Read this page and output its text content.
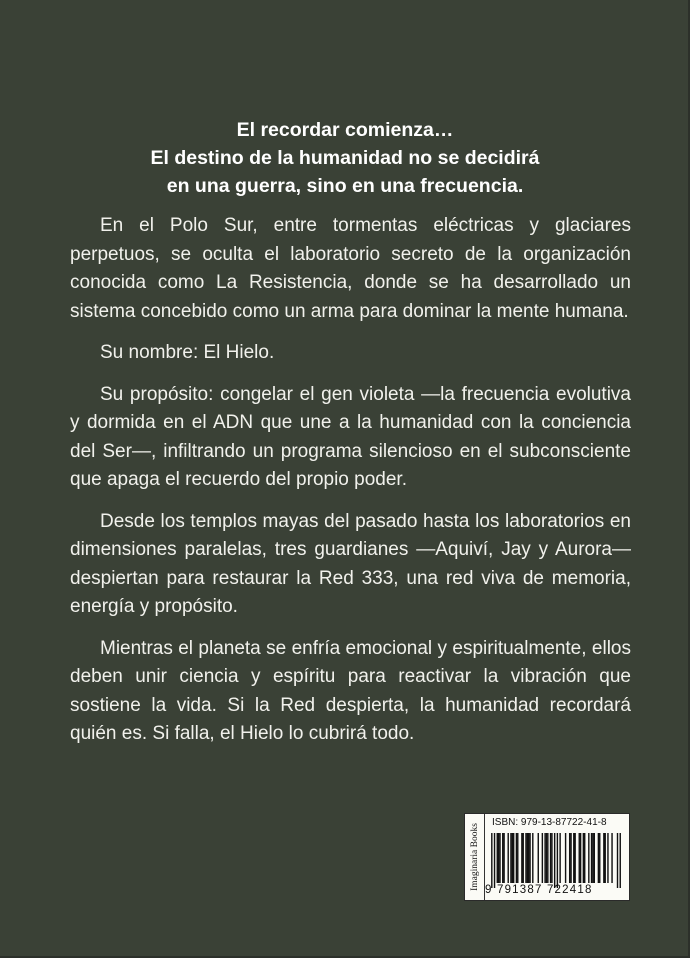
El recordar comienza…
El destino de la humanidad no se decidirá
en una guerra, sino en una frecuencia.

En el Polo Sur, entre tormentas eléctricas y glaciares perpetuos, se oculta el laboratorio secreto de la organización conocida como La Resistencia, donde se ha desarrollado un sistema concebido como un arma para dominar la mente humana.

Su nombre: El Hielo.

Su propósito: congelar el gen violeta —la frecuencia evolutiva y dormida en el ADN que une a la humanidad con la conciencia del Ser—, infiltrando un programa silencioso en el subconsciente que apaga el recuerdo del propio poder.

Desde los templos mayas del pasado hasta los laboratorios en dimensiones paralelas, tres guardianes —Aquiví, Jay y Aurora— despiertan para restaurar la Red 333, una red viva de memoria, energía y propósito.

Mientras el planeta se enfría emocional y espiritualmente, ellos deben unir ciencia y espíritu para reactivar la vibración que sostiene la vida. Si la Red despierta, la humanidad recordará quién es. Si falla, el Hielo lo cubrirá todo.

Imaginaria Books
ISBN: 979-13-87722-41-8
9 791387 722418
